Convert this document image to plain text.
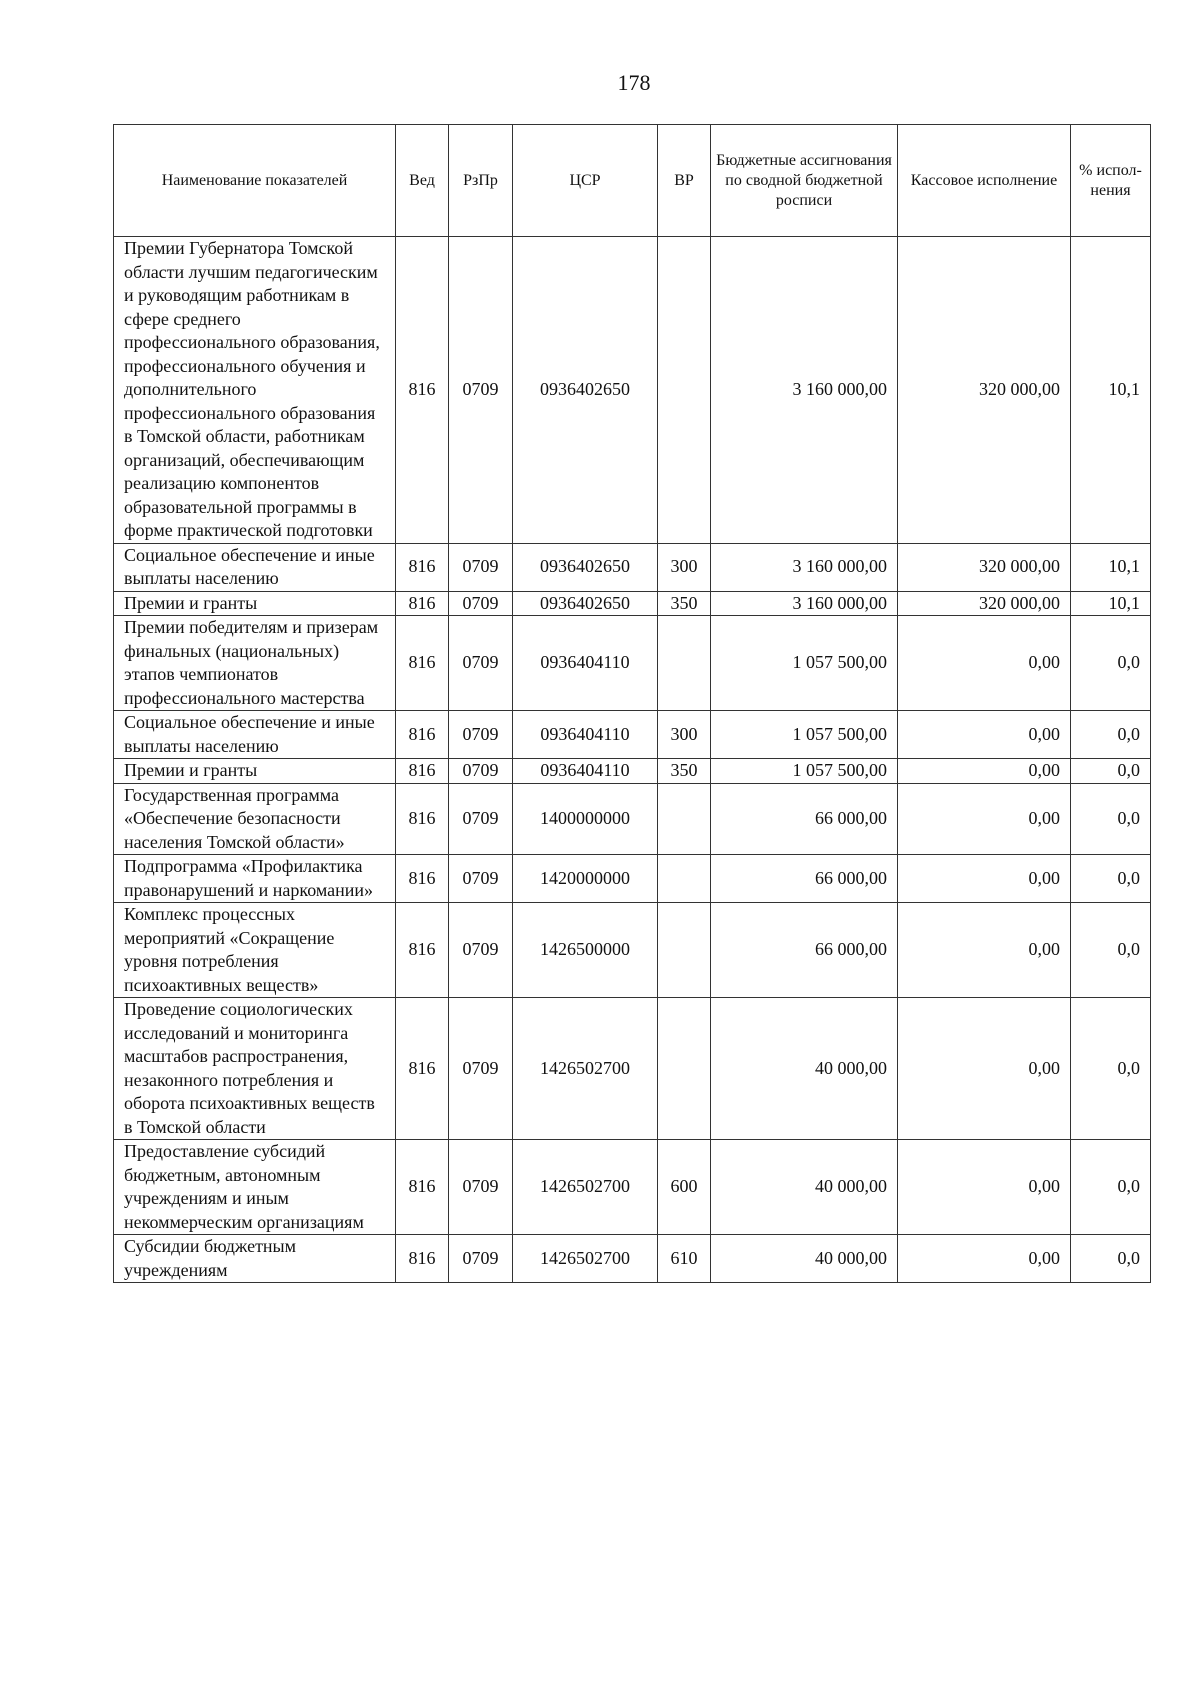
178
Наименование показателей	Вед	РзПр	ЦСР	ВР	Бюджетные ассигнования по сводной бюджетной росписи	Кассовое исполнение	% испол-нения
Премии Губернатора Томской области лучшим педагогическим и руководящим работникам в сфере среднего профессионального образования, профессионального обучения и дополнительного профессионального образования в Томской области, работникам организаций, обеспечивающим реализацию компонентов образовательной программы в форме практической подготовки	816	0709	0936402650		3 160 000,00	320 000,00	10,1
Социальное обеспечение и иные выплаты населению	816	0709	0936402650	300	3 160 000,00	320 000,00	10,1
Премии и гранты	816	0709	0936402650	350	3 160 000,00	320 000,00	10,1
Премии победителям и призерам финальных (национальных) этапов чемпионатов профессионального мастерства	816	0709	0936404110		1 057 500,00	0,00	0,0
Социальное обеспечение и иные выплаты населению	816	0709	0936404110	300	1 057 500,00	0,00	0,0
Премии и гранты	816	0709	0936404110	350	1 057 500,00	0,00	0,0
Государственная программа «Обеспечение безопасности населения Томской области»	816	0709	1400000000		66 000,00	0,00	0,0
Подпрограмма «Профилактика правонарушений и наркомании»	816	0709	1420000000		66 000,00	0,00	0,0
Комплекс процессных мероприятий «Сокращение уровня потребления психоактивных веществ»	816	0709	1426500000		66 000,00	0,00	0,0
Проведение социологических исследований и мониторинга масштабов распространения, незаконного потребления и оборота психоактивных веществ в Томской области	816	0709	1426502700		40 000,00	0,00	0,0
Предоставление субсидий бюджетным, автономным учреждениям и иным некоммерческим организациям	816	0709	1426502700	600	40 000,00	0,00	0,0
Субсидии бюджетным учреждениям	816	0709	1426502700	610	40 000,00	0,00	0,0
